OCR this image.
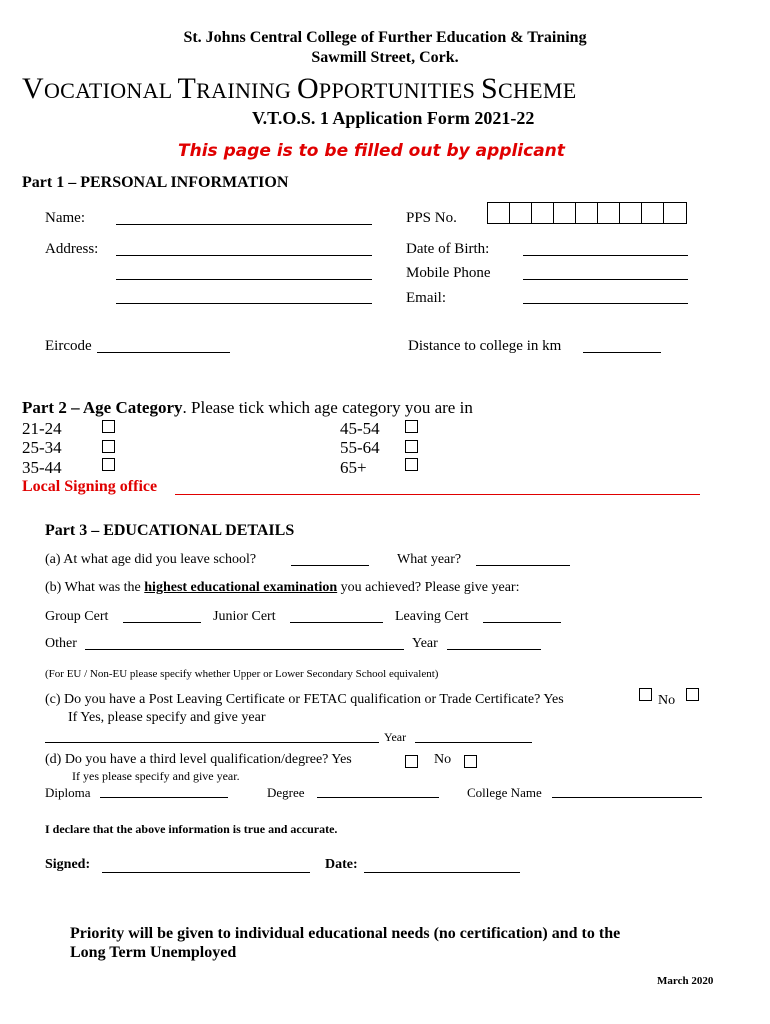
St. Johns Central College of Further Education & Training
Sawmill Street, Cork.
VOCATIONAL TRAINING OPPORTUNITIES SCHEME
V.T.O.S. 1 Application Form 2021-22
This page is to be filled out by applicant
Part 1 – PERSONAL INFORMATION
Name:	PPS No.
Address:	Date of Birth:
Mobile Phone
Email:
Eircode	Distance to college in km
Part 2 – Age Category. Please tick which age category you are in
21-24
25-34
35-44
45-54
55-64
65+
Local Signing office
Part 3 – EDUCATIONAL DETAILS
(a) At what age did you leave school?	What year?
(b) What was the highest educational examination you achieved? Please give year:
Group Cert	Junior Cert	Leaving Cert
Other	Year
(For EU / Non-EU please specify whether Upper or Lower Secondary School equivalent)
(c) Do you have a Post Leaving Certificate or FETAC qualification or Trade Certificate? Yes	No
If Yes, please specify and give year
Year
(d) Do you have a third level qualification/degree? Yes	No
If yes please specify and give year.
Diploma	Degree	College Name
I declare that the above information is true and accurate.
Signed:	Date:
Priority will be given to individual educational needs (no certification) and to the
Long Term Unemployed
March 2020
